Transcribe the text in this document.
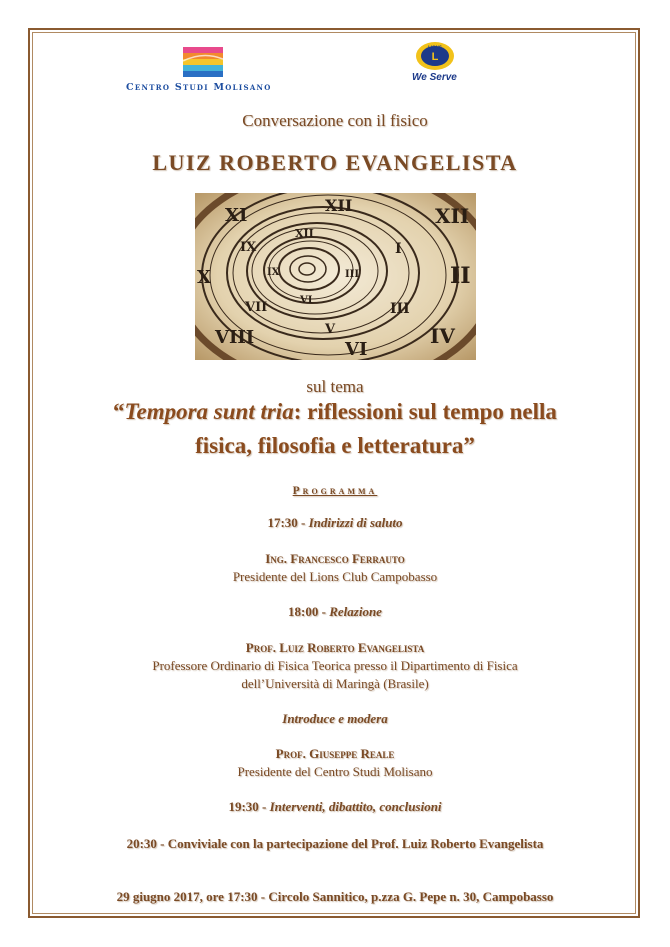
Centro Studi Molisano
L
LIONS
We Serve
Conversazione con il fisico
LUIZ ROBERTO EVANGELISTA
XII
II
IV
VI
VIII
X
XI	XII
I
III
V
VII
IX
XII
III
VI
IX
sul tema
“Tempora sunt tria: riflessioni sul tempo nella
fisica, filosofia e letteratura”
Programma
17:30 - Indirizzi di saluto
Ing. Francesco Ferrauto
Presidente del Lions Club Campobasso
18:00 - Relazione
Prof. Luiz Roberto Evangelista
Professore Ordinario di Fisica Teorica presso il Dipartimento di Fisica
dell’Università di Maringà (Brasile)
Introduce e modera
Prof. Giuseppe Reale
Presidente del Centro Studi Molisano
19:30 - Interventi, dibattito, conclusioni
20:30 - Conviviale con la partecipazione del Prof. Luiz Roberto Evangelista
29 giugno 2017, ore 17:30 - Circolo Sannitico, p.zza G. Pepe n. 30, Campobasso
